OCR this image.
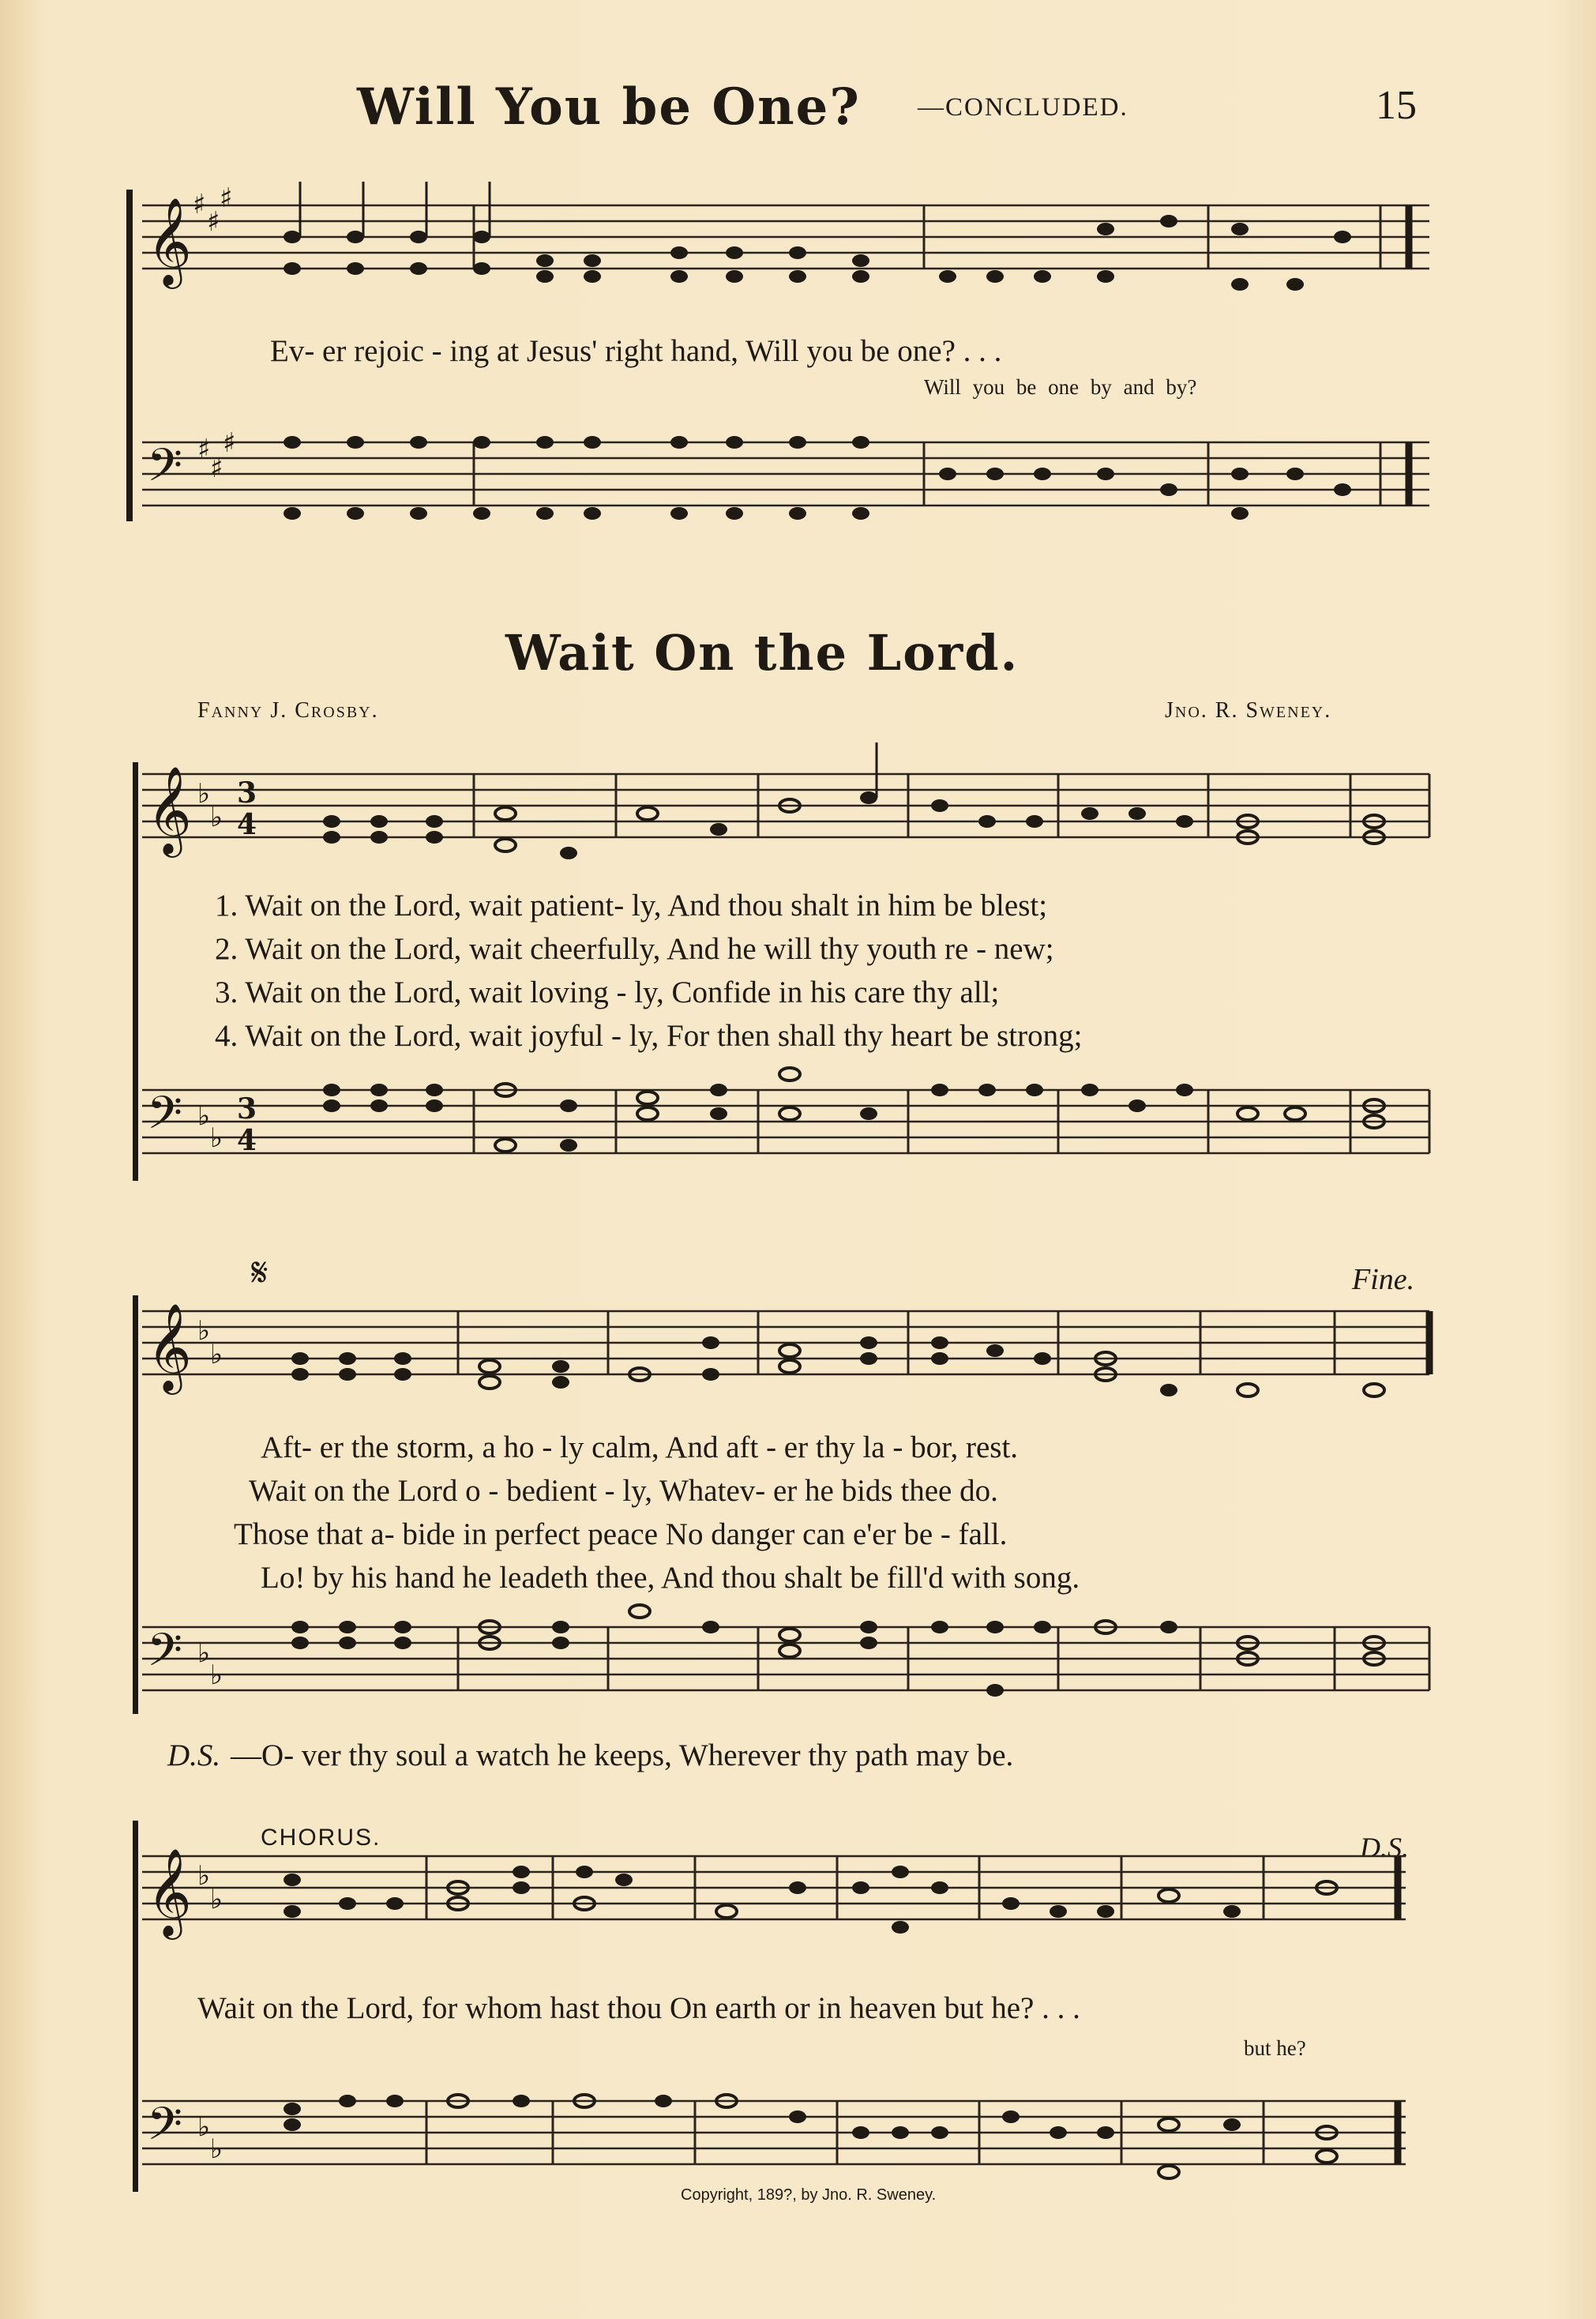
Will You be One? —CONCLUDED.	15
𝄞 ♯
♯
♯
Ev- er rejoic - ing at Jesus' right hand, Will you be one? . . .
Will you be one by and by?
𝄢 ♯
♯
♯
Wait On the Lord.
Fanny J. Crosby.	Jno. R. Sweney.
𝄞 ♭
♭
3
4
1. Wait on the Lord, wait patient- ly, And thou shalt in him be blest;
2. Wait on the Lord, wait cheerfully, And he will thy youth re - new;
3. Wait on the Lord, wait loving - ly, Confide in his care thy all;
4. Wait on the Lord, wait joyful - ly, For then shall thy heart be strong;
𝄢 ♭
♭
3
4
𝄋	Fine.
𝄞 ♭
♭
Aft- er the storm, a ho - ly calm, And aft - er thy la - bor, rest.
Wait on the Lord o - bedient - ly, Whatev- er he bids thee do.
Those that a- bide in perfect peace No danger can e'er be - fall.
Lo! by his hand he leadeth thee, And thou shalt be fill'd with song.
𝄢 ♭
♭
D.S. —O- ver thy soul a watch he keeps, Wherever thy path may be.
CHORUS.	D.S.
𝄞 ♭
♭
Wait on the Lord, for whom hast thou On earth or in heaven but he? . . .
but he?
𝄢 ♭
♭
Copyright, 189?, by Jno. R. Sweney.
